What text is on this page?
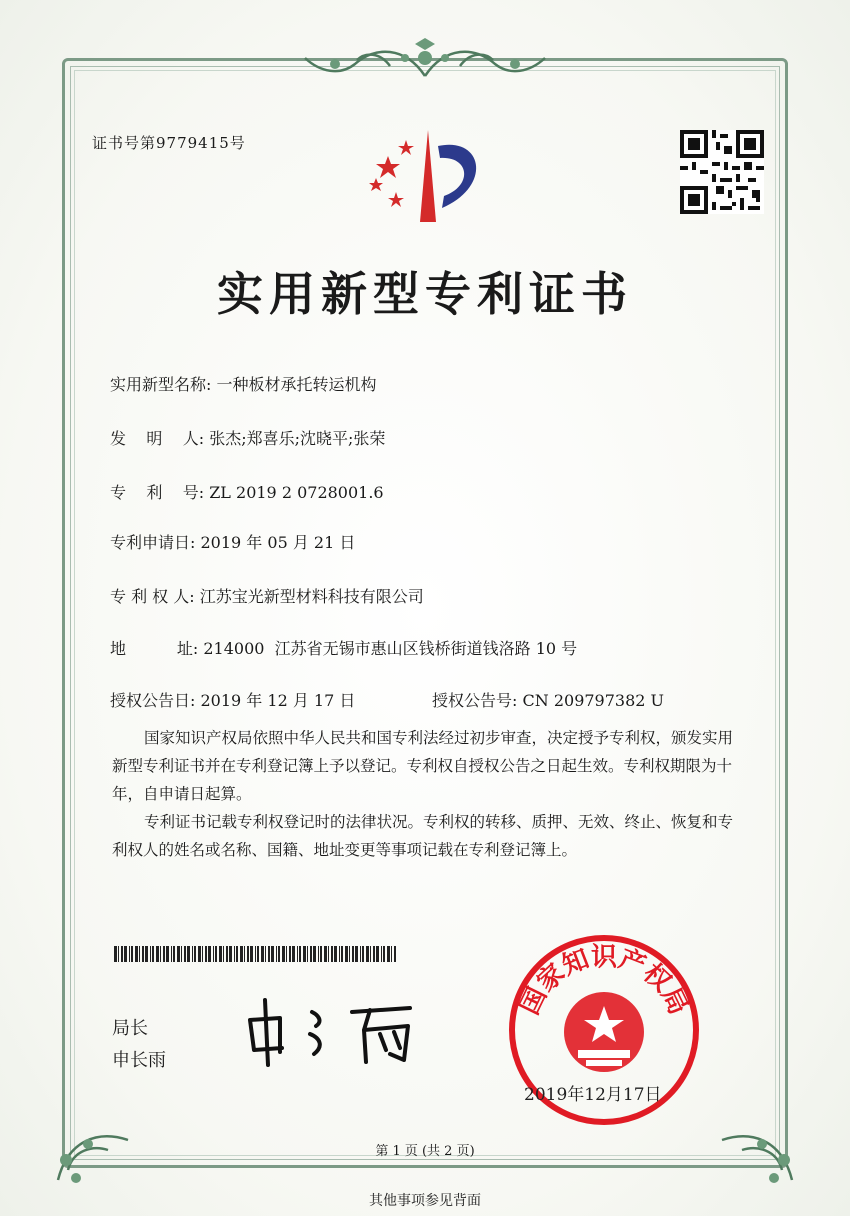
证书号第9779415号
实用新型专利证书
实用新型名称: 一种板材承托转运机构
发    明    人: 张杰;郑喜乐;沈晓平;张荣
专    利    号: ZL 2019 2 0728001.6
专利申请日: 2019 年 05 月 21 日
专 利 权 人: 江苏宝光新型材料科技有限公司
地          址: 214000  江苏省无锡市惠山区钱桥街道钱洛路 10 号
授权公告日: 2019 年 12 月 17 日	授权公告号: CN 209797382 U

国家知识产权局依照中华人民共和国专利法经过初步审查，决定授予专利权，颁发实用新型专利证书并在专利登记簿上予以登记。专利权自授权公告之日起生效。专利权期限为十年，自申请日起算。

专利证书记载专利权登记时的法律状况。专利权的转移、质押、无效、终止、恢复和专利权人的姓名或名称、国籍、地址变更等事项记载在专利登记簿上。

局长
申长雨
国家知识产权局
2019年12月17日
第 1 页 (共 2 页)
其他事项参见背面
